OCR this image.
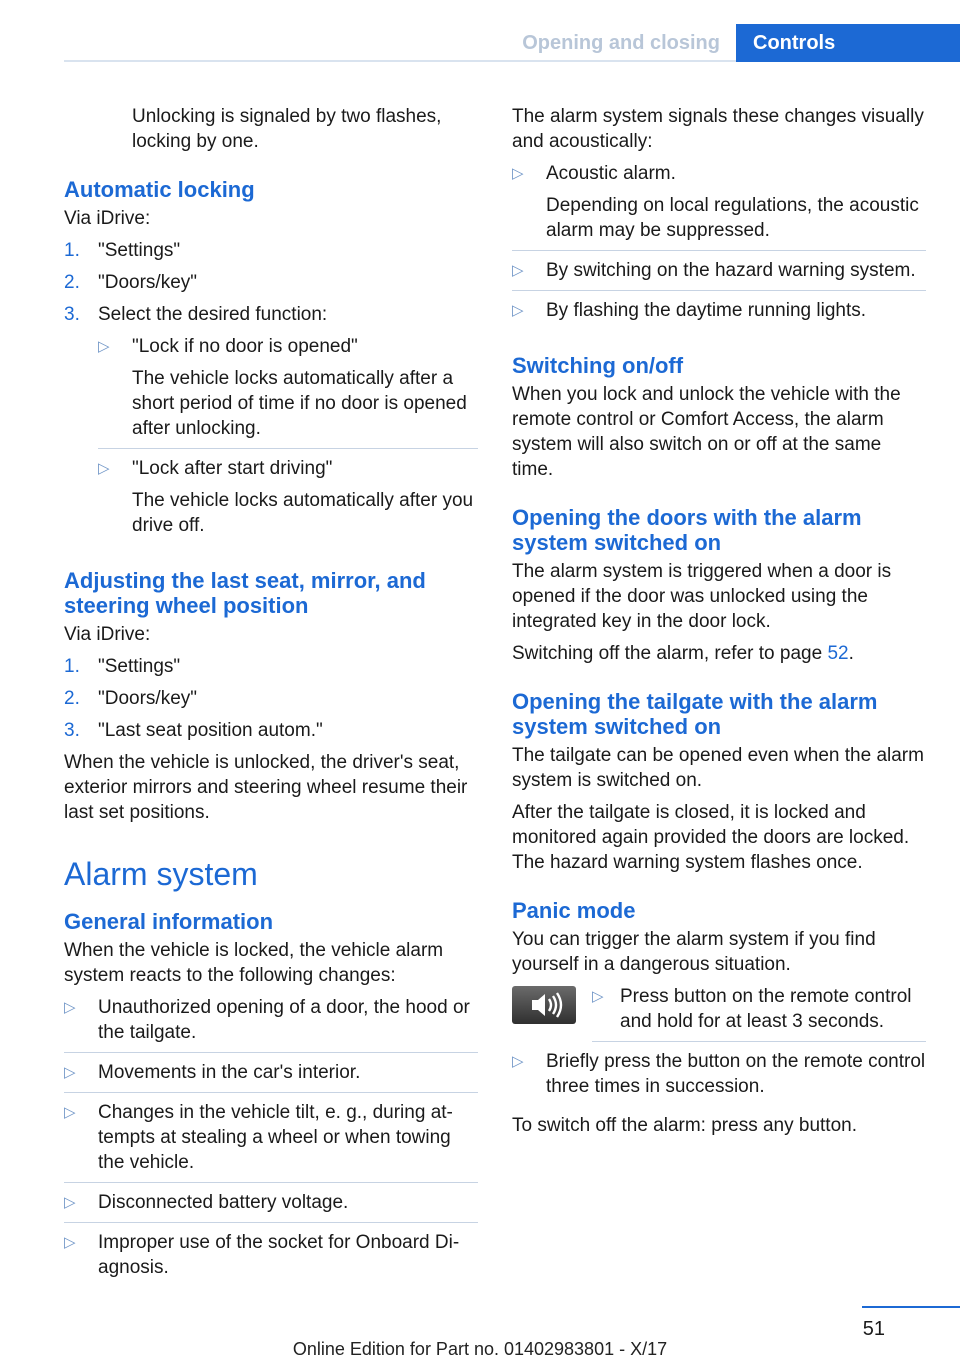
Opening and closing	Controls

Unlocking is signaled by two flashes, locking by one.

Automatic locking

Via iDrive:

1. "Settings"
2. "Doors/key"
3. Select the desired function:
▷ "Lock if no door is opened"

The vehicle locks automatically after a short period of time if no door is opened after unlocking.

▷ "Lock after start driving"

The vehicle locks automatically after you drive off.

Adjusting the last seat, mirror, and steering wheel position

Via iDrive:

1. "Settings"
2. "Doors/key"
3. "Last seat position autom."

When the vehicle is unlocked, the driver's seat, exterior mirrors and steering wheel resume their last set positions.

Alarm system
General information

When the vehicle is locked, the vehicle alarm system reacts to the following changes:

▷ Unauthorized opening of a door, the hood or the tailgate.
▷ Movements in the car's interior.
▷ Changes in the vehicle tilt, e. g., during attempts at stealing a wheel or when towing the vehicle.
▷ Disconnected battery voltage.
▷ Improper use of the socket for Onboard Diagnosis.

The alarm system signals these changes visually and acoustically:

▷ Acoustic alarm.

Depending on local regulations, the acoustic alarm may be suppressed.

▷ By switching on the hazard warning system.
▷ By flashing the daytime running lights.
Switching on/off

When you lock and unlock the vehicle with the remote control or Comfort Access, the alarm system will also switch on or off at the same time.

Opening the doors with the alarm system switched on

The alarm system is triggered when a door is opened if the door was unlocked using the integrated key in the door lock.

Switching off the alarm, refer to page 52.

Opening the tailgate with the alarm system switched on

The tailgate can be opened even when the alarm system is switched on.

After the tailgate is closed, it is locked and monitored again provided the doors are locked. The hazard warning system flashes once.

Panic mode

You can trigger the alarm system if you find yourself in a dangerous situation.

▷ Press button on the remote control and hold for at least 3 seconds.
▷ Briefly press the button on the remote control three times in succession.

To switch off the alarm: press any button.

51
Online Edition for Part no. 01402983801 - X/17
